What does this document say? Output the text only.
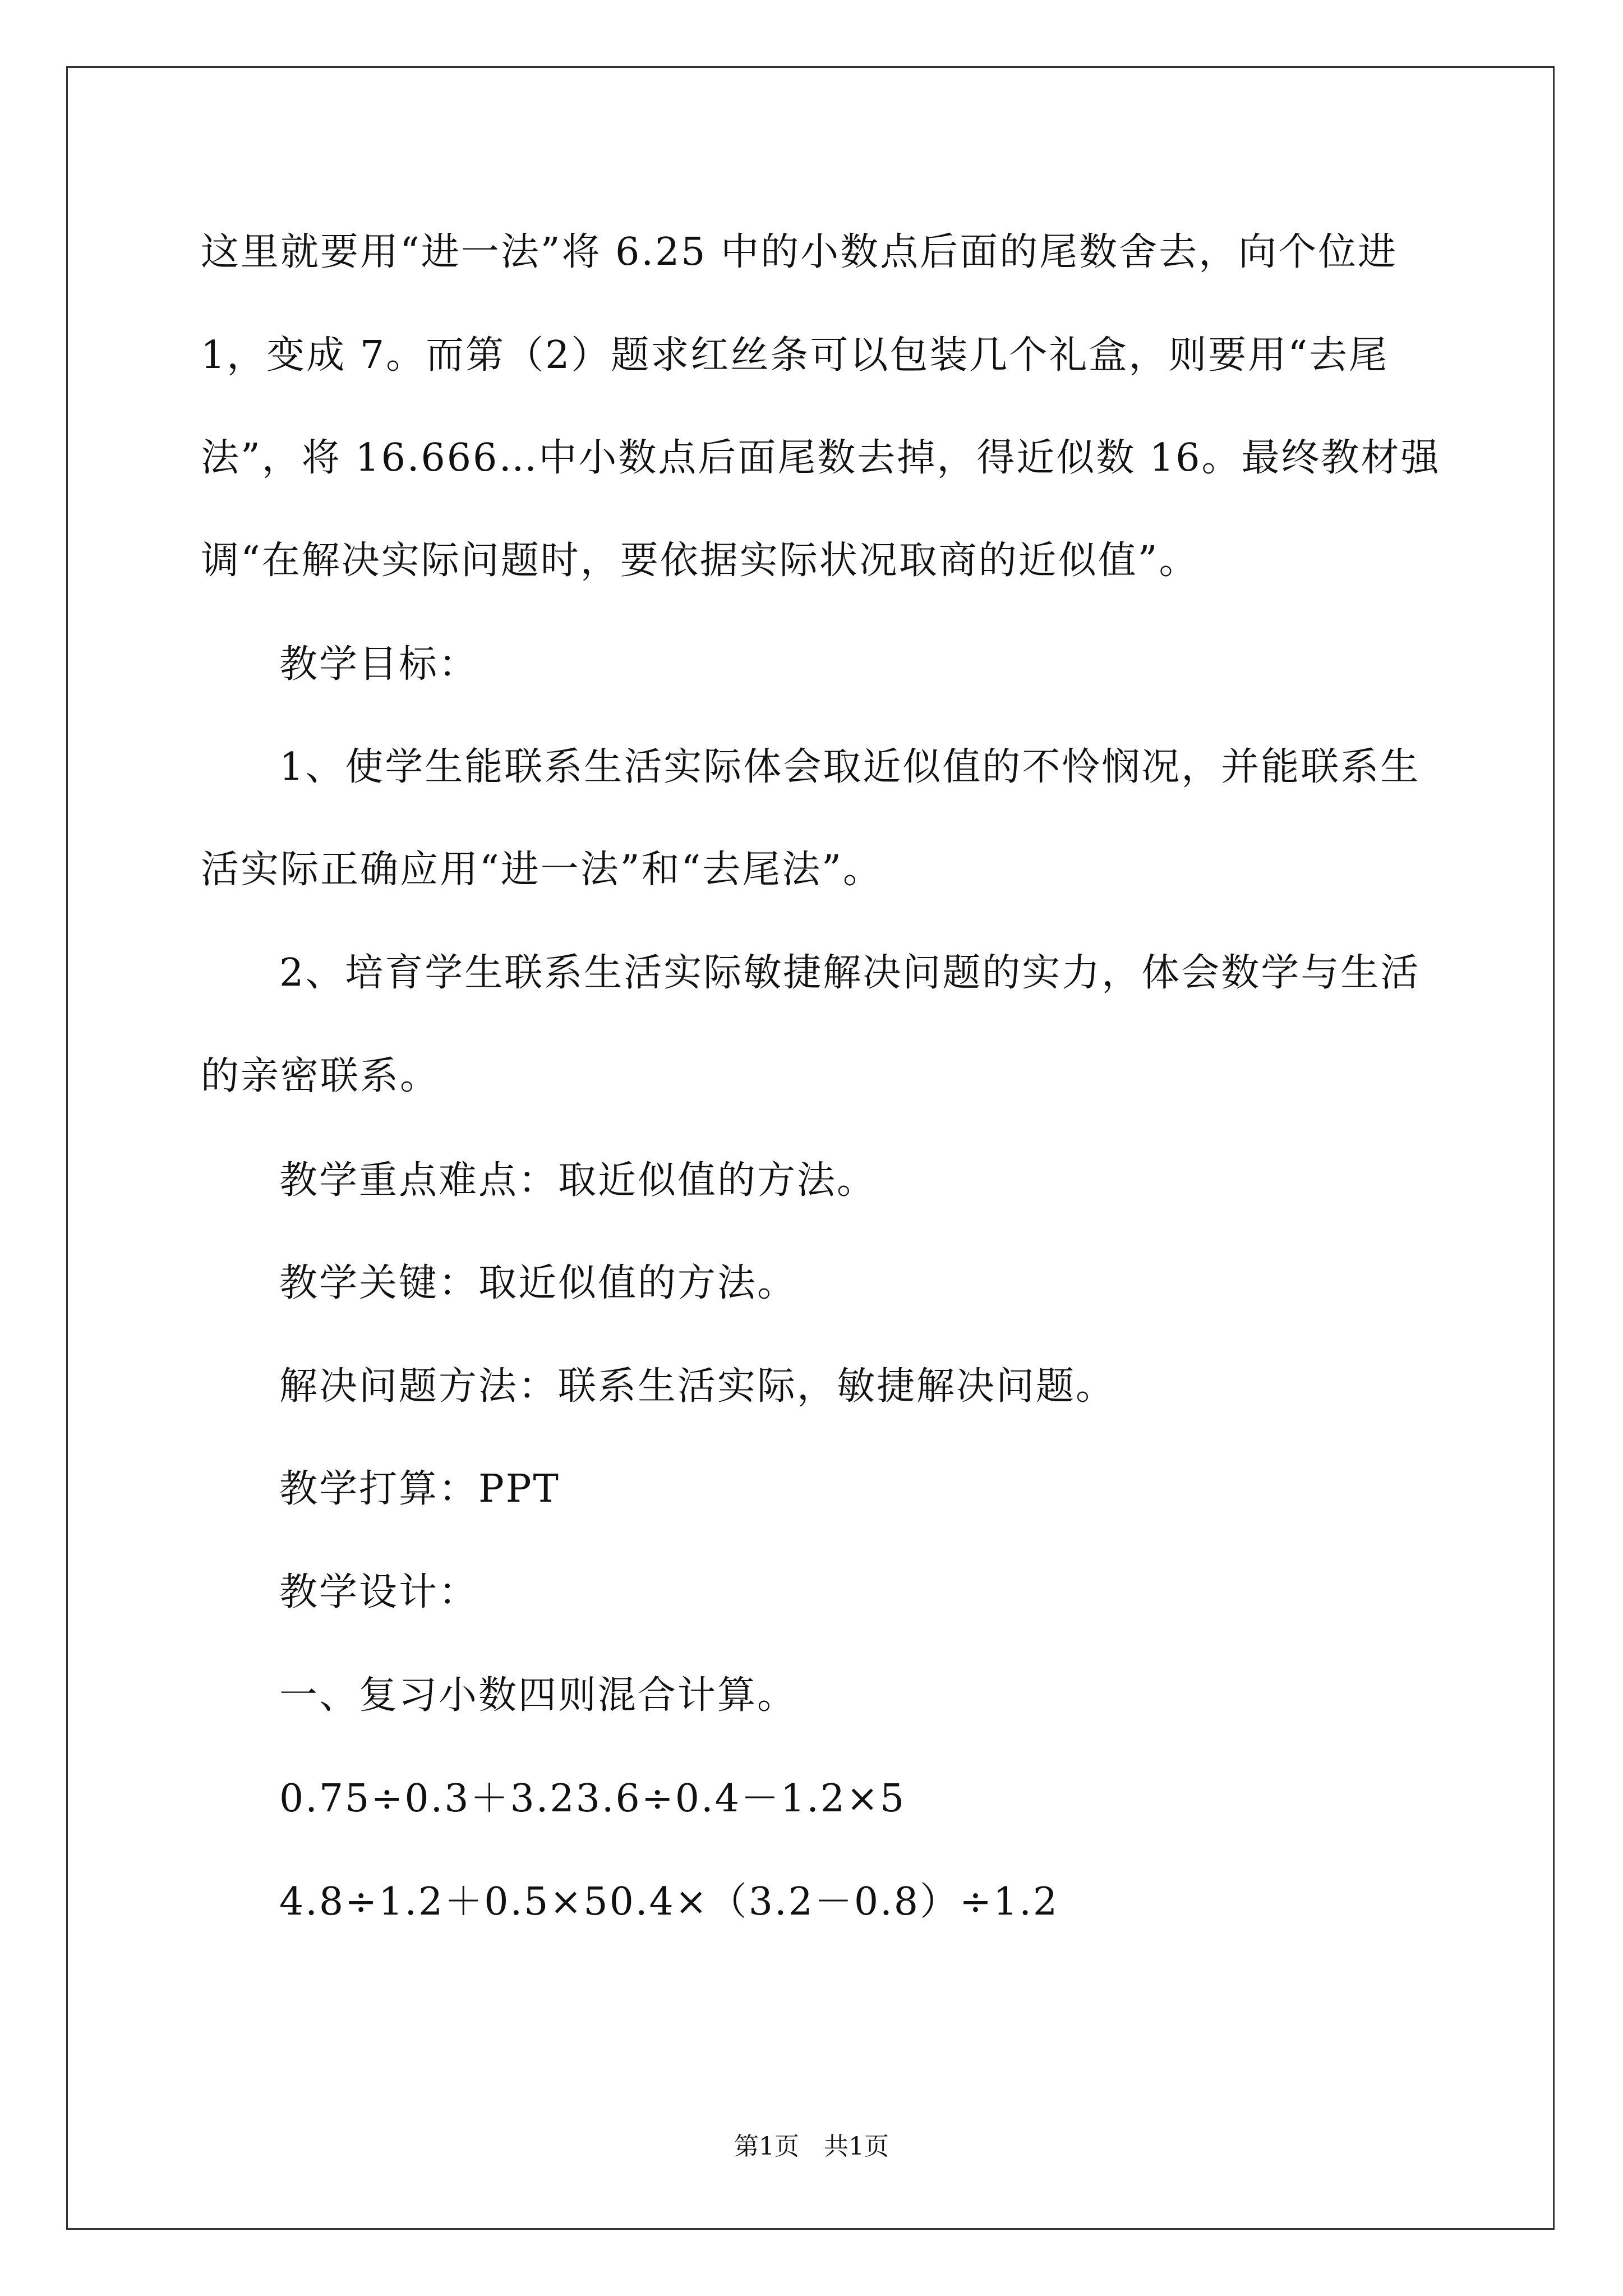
这里就要用“进一法”将 6.25 中的小数点后面的尾数舍去，向个位进
1，变成 7。而第（2）题求红丝条可以包装几个礼盒，则要用“去尾
法”，将 16.666…中小数点后面尾数去掉，得近似数 16。最终教材强
调“在解决实际问题时，要依据实际状况取商的近似值”。
教学目标：
1、使学生能联系生活实际体会取近似值的不怜悯况，并能联系生
活实际正确应用“进一法”和“去尾法”。
2、培育学生联系生活实际敏捷解决问题的实力，体会数学与生活
的亲密联系。
教学重点难点：取近似值的方法。
教学关键：取近似值的方法。
解决问题方法：联系生活实际，敏捷解决问题。
教学打算：PPT
教学设计：
一、复习小数四则混合计算。
0.75÷0.3＋3.23.6÷0.4－1.2×5
4.8÷1.2＋0.5×50.4×（3.2－0.8）÷1.2
第1页　共1页
